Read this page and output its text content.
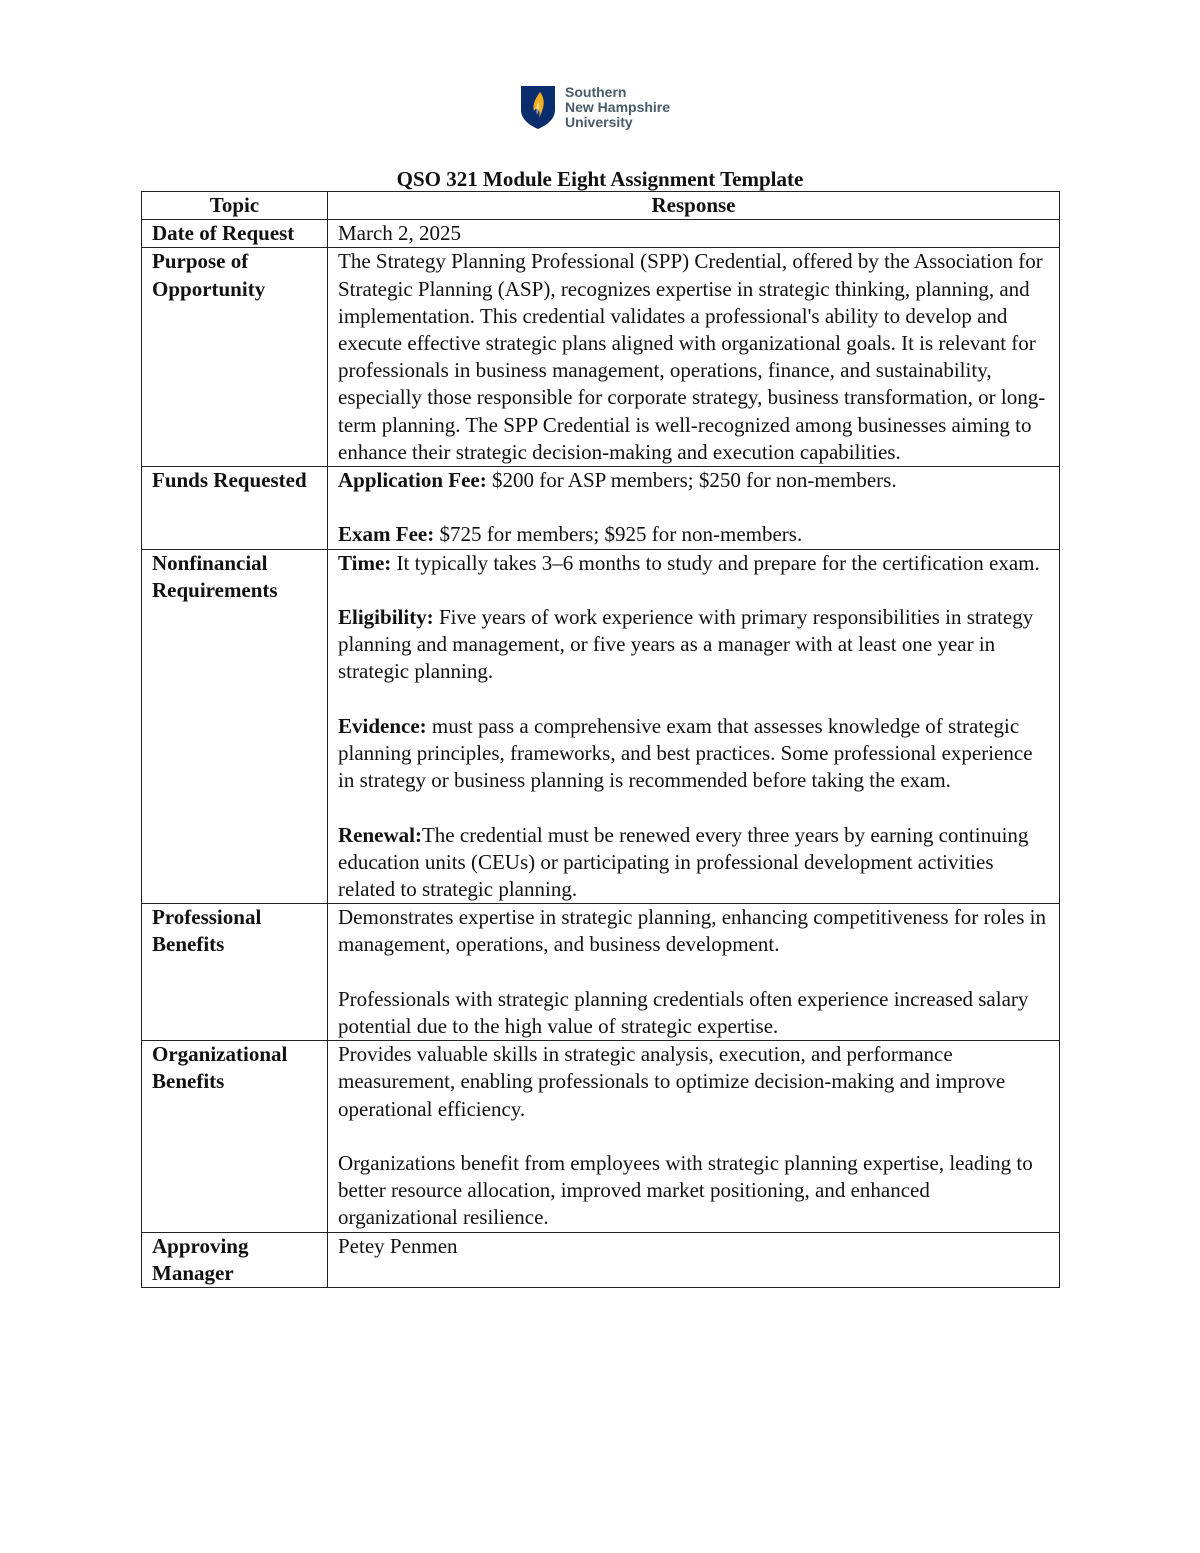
Southern
New Hampshire
University
QSO 321 Module Eight Assignment Template
Topic	Response
Date of Request	March 2, 2025
Purpose of Opportunity	The Strategy Planning Professional (SPP) Credential, offered by the Association for Strategic Planning (ASP), recognizes expertise in strategic thinking, planning, and implementation. This credential validates a professional's ability to develop and execute effective strategic plans aligned with organizational goals. It is relevant for professionals in business management, operations, finance, and sustainability, especially those responsible for corporate strategy, business transformation, or long-term planning. The SPP Credential is well-recognized among businesses aiming to enhance their strategic decision-making and execution capabilities.
Funds Requested	Application Fee: $200 for ASP members; $250 for non-members.

Exam Fee: $725 for members; $925 for non-members.

Nonfinancial Requirements	Time: It typically takes 3–6 months to study and prepare for the certification exam.

Eligibility: Five years of work experience with primary responsibilities in strategy planning and management, or five years as a manager with at least one year in strategic planning.

Evidence: must pass a comprehensive exam that assesses knowledge of strategic planning principles, frameworks, and best practices. Some professional experience in strategy or business planning is recommended before taking the exam.

Renewal:The credential must be renewed every three years by earning continuing education units (CEUs) or participating in professional development activities related to strategic planning.

Professional Benefits	Demonstrates expertise in strategic planning, enhancing competitiveness for roles in management, operations, and business development.

Professionals with strategic planning credentials often experience increased salary potential due to the high value of strategic expertise.

Organizational Benefits	Provides valuable skills in strategic analysis, execution, and performance measurement, enabling professionals to optimize decision-making and improve operational efficiency.

Organizations benefit from employees with strategic planning expertise, leading to better resource allocation, improved market positioning, and enhanced organizational resilience.

Approving Manager	Petey Penmen
